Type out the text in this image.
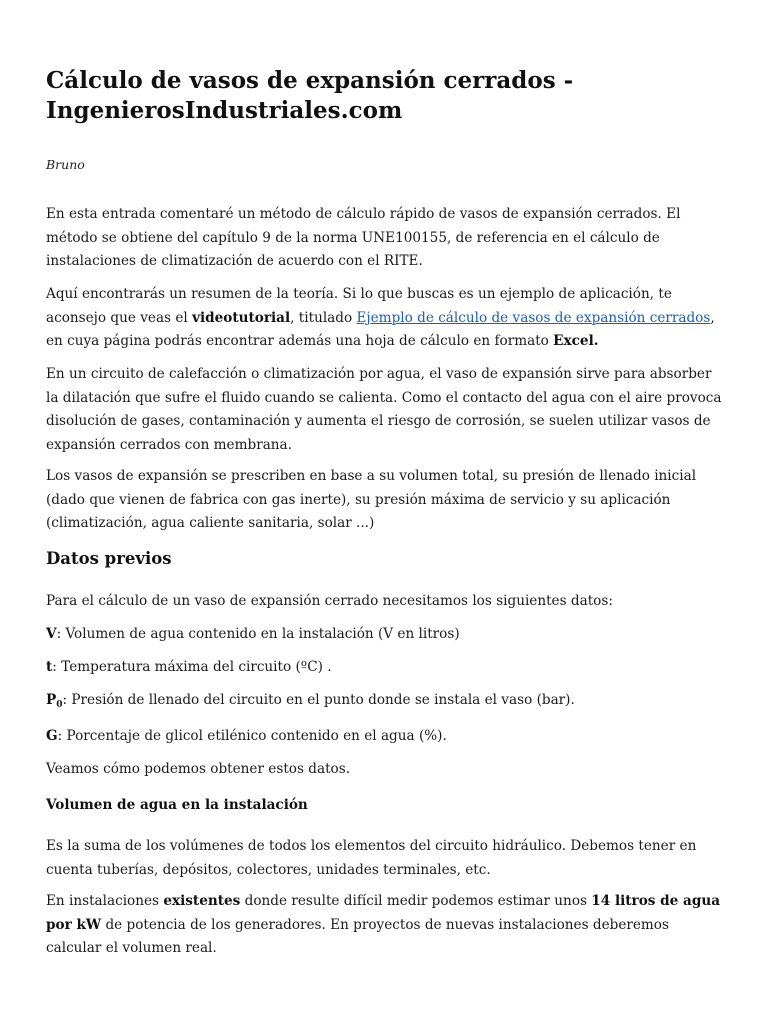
Cálculo de vasos de expansión cerrados - IngenierosIndustriales.com

Bruno

En esta entrada comentaré un método de cálculo rápido de vasos de expansión cerrados. El método se obtiene del capítulo 9 de la norma UNE100155, de referencia en el cálculo de instalaciones de climatización de acuerdo con el RITE.

Aquí encontrarás un resumen de la teoría. Si lo que buscas es un ejemplo de aplicación, te aconsejo que veas el videotutorial, titulado Ejemplo de cálculo de vasos de expansión cerrados, en cuya página podrás encontrar además una hoja de cálculo en formato Excel.

En un circuito de calefacción o climatización por agua, el vaso de expansión sirve para absorber la dilatación que sufre el fluido cuando se calienta. Como el contacto del agua con el aire provoca disolución de gases, contaminación y aumenta el riesgo de corrosión, se suelen utilizar vasos de expansión cerrados con membrana.

Los vasos de expansión se prescriben en base a su volumen total, su presión de llenado inicial (dado que vienen de fabrica con gas inerte), su presión máxima de servicio y su aplicación (climatización, agua caliente sanitaria, solar ...)

Datos previos

Para el cálculo de un vaso de expansión cerrado necesitamos los siguientes datos:

V: Volumen de agua contenido en la instalación (V en litros)

t: Temperatura máxima del circuito (ºC) .

$P_0$: Presión de llenado del circuito en el punto donde se instala el vaso (bar).

G: Porcentaje de glicol etilénico contenido en el agua (%).

Veamos cómo podemos obtener estos datos.

Volumen de agua en la instalación

Es la suma de los volúmenes de todos los elementos del circuito hidráulico. Debemos tener en cuenta tuberías, depósitos, colectores, unidades terminales, etc.

En instalaciones existentes donde resulte difícil medir podemos estimar unos 14 litros de agua por kW de potencia de los generadores. En proyectos de nuevas instalaciones deberemos calcular el volumen real.
